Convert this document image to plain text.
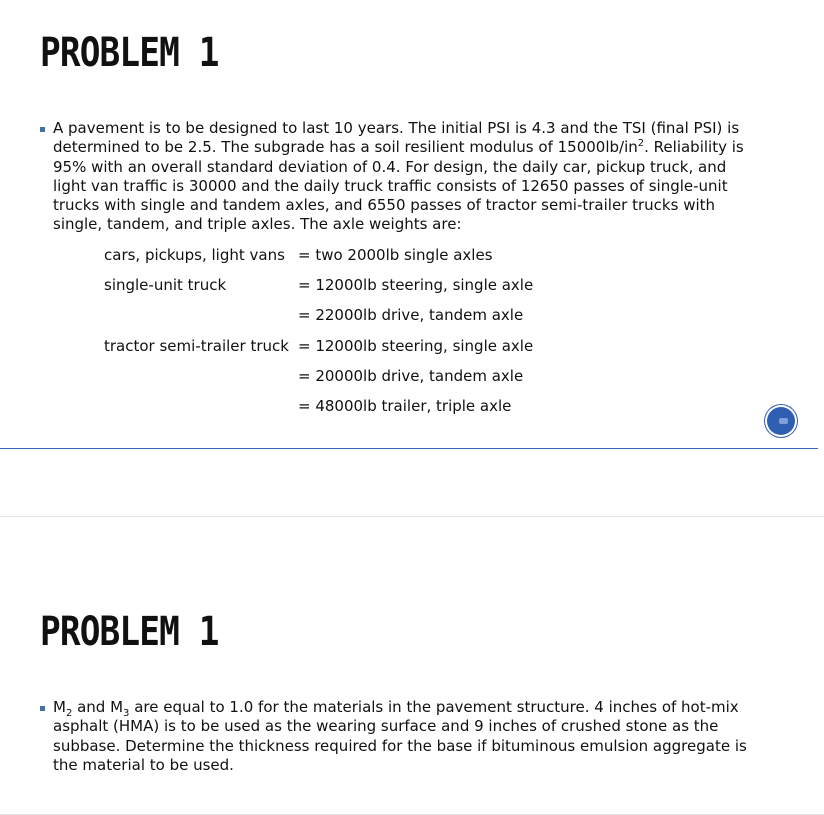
PROBLEM 1
A pavement is to be designed to last 10 years. The initial PSI is 4.3 and the TSI (final PSI) is determined to be 2.5. The subgrade has a soil resilient modulus of $15000lb/in^2$. Reliability is 95% with an overall standard deviation of 0.4. For design, the daily car, pickup truck, and light van traffic is 30000 and the daily truck traffic consists of 12650 passes of single-unit trucks with single and tandem axles, and 6550 passes of tractor semi-trailer trucks with single, tandem, and triple axles. The axle weights are:
cars, pickups, light vans = two 2000lb single axles
single-unit truck	= 12000lb steering, single axle
= 22000lb drive, tandem axle
tractor semi-trailer truck = 12000lb steering, single axle
= 20000lb drive, tandem axle
= 48000lb trailer, triple axle
PROBLEM 1
$M_2$ and $M_3$ are equal to 1.0 for the materials in the pavement structure. 4 inches of hot-mix asphalt (HMA) is to be used as the wearing surface and 9 inches of crushed stone as the subbase. Determine the thickness required for the base if bituminous emulsion aggregate is the material to be used.
